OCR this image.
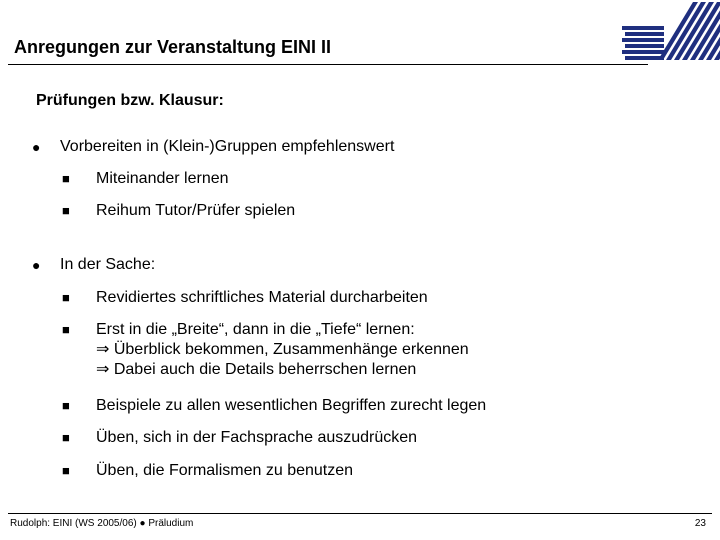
Anregungen zur Veranstaltung EINI II
Prüfungen bzw. Klausur:
● Vorbereiten in (Klein-)Gruppen empfehlenswert
■ Miteinander lernen
■ Reihum Tutor/Prüfer spielen
● In der Sache:
■ Revidiertes schriftliches Material durcharbeiten
■ Erst in die „Breite“, dann in die „Tiefe“ lernen:
⇒ Überblick bekommen, Zusammenhänge erkennen
⇒ Dabei auch die Details beherrschen lernen
■ Beispiele zu allen wesentlichen Begriffen zurecht legen
■ Üben, sich in der Fachsprache auszudrücken
■ Üben, die Formalismen zu benutzen
Rudolph: EINI (WS 2005/06) ● Präludium	23
